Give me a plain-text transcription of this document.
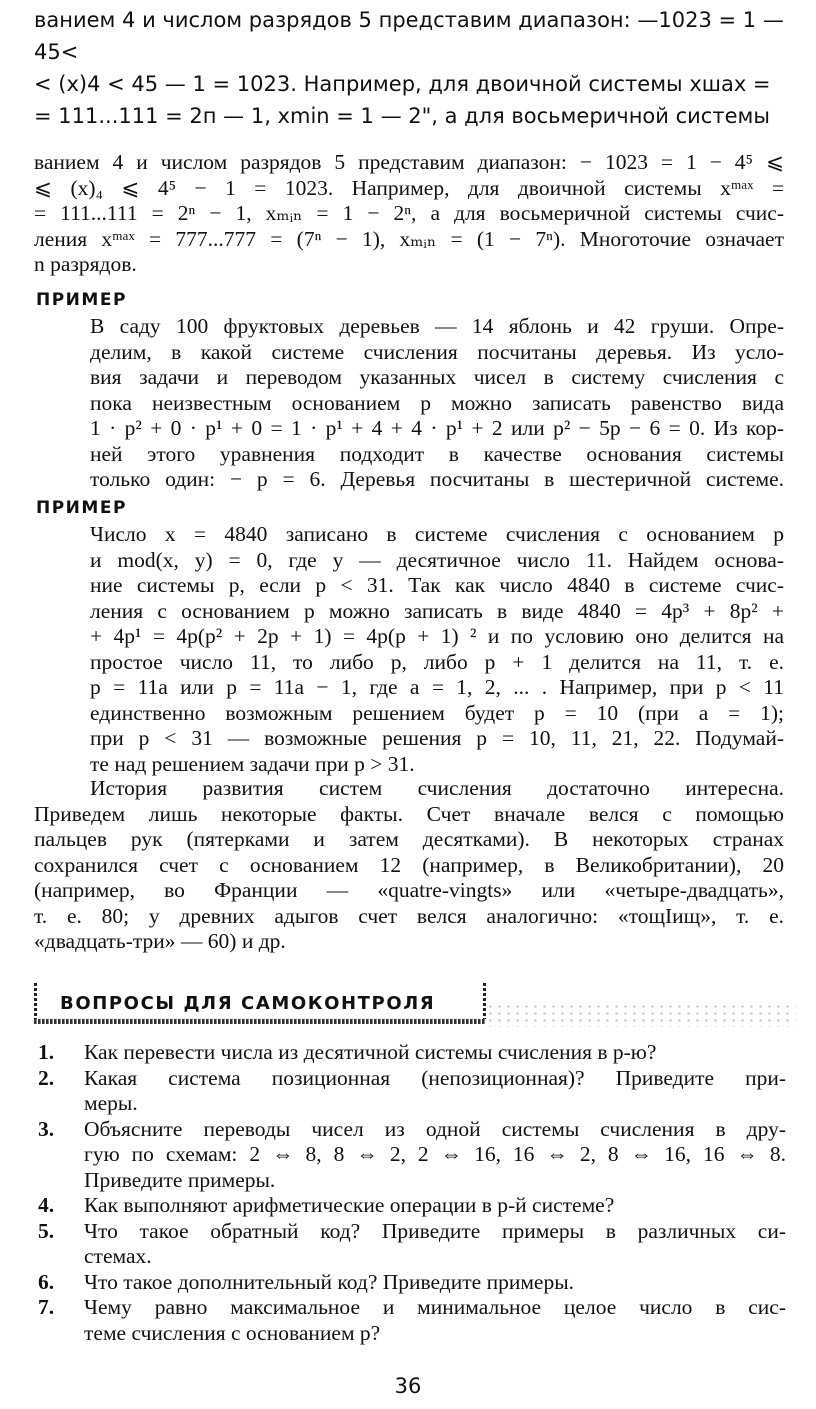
ванием 4 и числом разрядов 5 представим диапазон: —1023 = 1 —

45<

< (x)4 < 45 — 1 = 1023. Например, для двоичной системы xшах =

= 111...111 = 2п — 1, xmin = 1 — 2", а для восьмеричной системы

ванием 4 и числом разрядов 5 представим диапазон: − 1023 = 1 − 4⁵ ⩽

⩽ (x)₄ ⩽ 4⁵ − 1 = 1023. Например, для двоичной системы xᵐᵃˣ =

= 111...111 = 2ⁿ − 1, xₘᵢₙ = 1 − 2ⁿ, а для восьмеричной системы счис-

ления xᵐᵃˣ = 777...777 = (7ⁿ − 1), xₘᵢₙ = (1 − 7ⁿ). Многоточие означает

n разрядов.

ПРИМЕР

В саду 100 фруктовых деревьев — 14 яблонь и 42 груши. Опре-

делим, в какой системе счисления посчитаны деревья. Из усло-

вия задачи и переводом указанных чисел в систему счисления с

пока неизвестным основанием p можно записать равенство вида

1 · p² + 0 · p¹ + 0 = 1 · p¹ + 4 + 4 · p¹ + 2 или p² − 5p − 6 = 0. Из кор-

ней этого уравнения подходит в качестве основания системы

только один: − p = 6. Деревья посчитаны в шестеричной системе.

ПРИМЕР

Число x = 4840 записано в системе счисления с основанием p

и mod(x, y) = 0, где y — десятичное число 11. Найдем основа-

ние системы p, если p < 31. Так как число 4840 в системе счис-

ления с основанием p можно записать в виде 4840 = 4p³ + 8p² +

+ 4p¹ = 4p(p² + 2p + 1) = 4p(p + 1) ² и по условию оно делится на

простое число 11, то либо p, либо p + 1 делится на 11, т. е.

p = 11a или p = 11a − 1, где a = 1, 2, ... . Например, при p < 11

единственно возможным решением будет p = 10 (при a = 1);

при p < 31 — возможные решения p = 10, 11, 21, 22. Подумай-

те над решением задачи при p > 31.

История развития систем счисления достаточно интересна.

Приведем лишь некоторые факты. Счет вначале велся с помощью

пальцев рук (пятерками и затем десятками). В некоторых странах

сохранился счет с основанием 12 (например, в Великобритании), 20

(например, во Франции — «quatre-vingts» или «четыре-двадцать»,

т. е. 80; у древних адыгов счет велся аналогично: «тощIищ», т. е.

«двадцать-три» — 60) и др.

ВОПРОСЫ ДЛЯ САМОКОНТРОЛЯ
1. Как перевести числа из десятичной системы счисления в p-ю?

2. Какая система позиционная (непозиционная)? Приведите при-

меры.

3. Объясните переводы чисел из одной системы счисления в дру-

гую по схемам: 2 ⇔ 8, 8 ⇔ 2, 2 ⇔ 16, 16 ⇔ 2, 8 ⇔ 16, 16 ⇔ 8.

Приведите примеры.

4. Как выполняют арифметические операции в p-й системе?

5. Что такое обратный код? Приведите примеры в различных си-

стемах.

6. Что такое дополнительный код? Приведите примеры.

7. Чему равно максимальное и минимальное целое число в сис-

теме счисления с основанием p?

36
